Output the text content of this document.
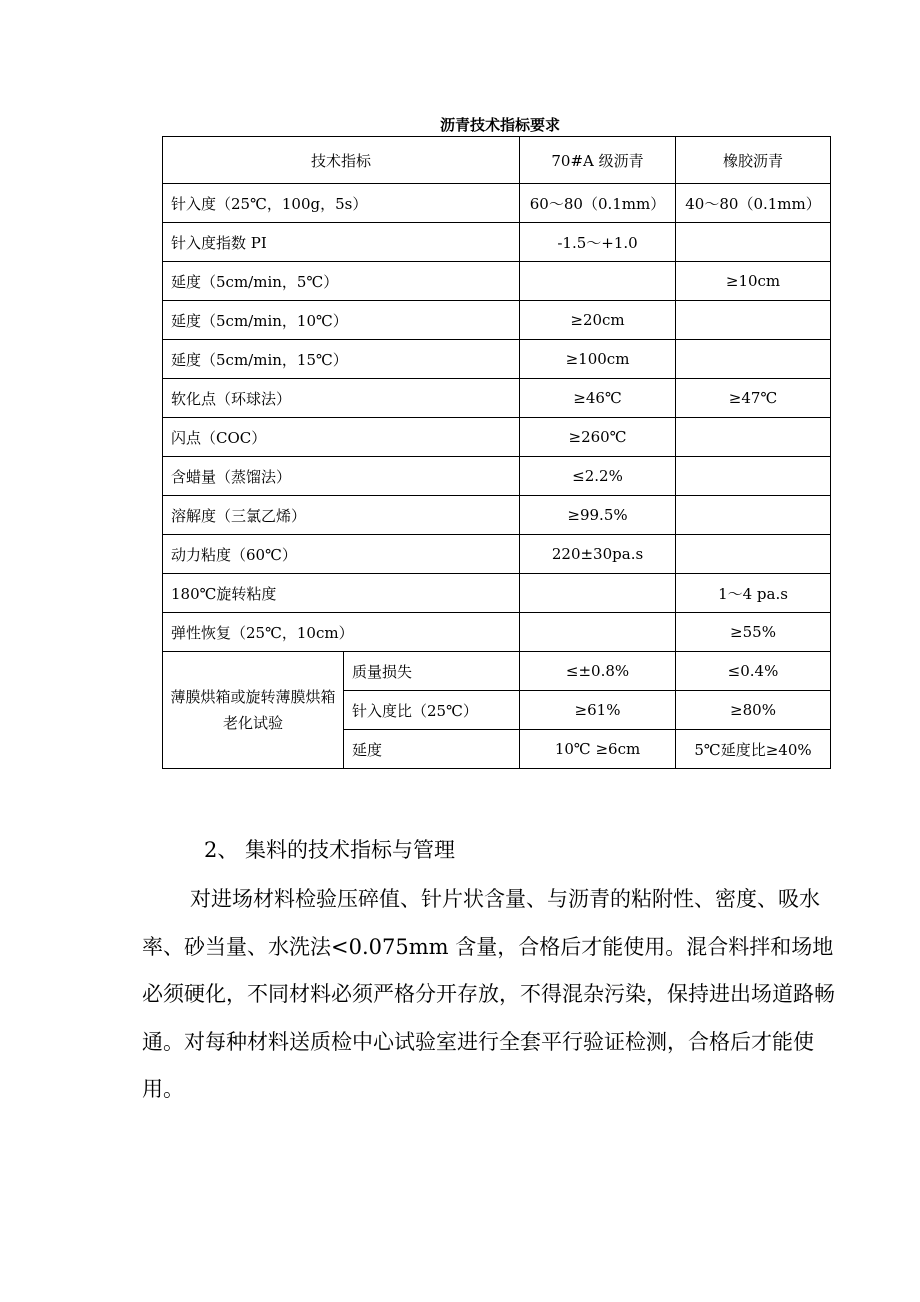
沥青技术指标要求
技术指标		70#A 级沥青	橡胶沥青
针入度（25℃，100g，5s）		60～80（0.1mm）	40～80（0.1mm）
针入度指数 PI		-1.5～+1.0	
延度（5cm/min，5℃）			≥10cm
延度（5cm/min，10℃）		≥20cm	
延度（5cm/min，15℃）		≥100cm	
软化点（环球法）		≥46℃	≥47℃
闪点（COC）		≥260℃	
含蜡量（蒸馏法）		≤2.2%	
溶解度（三氯乙烯）		≥99.5%	
动力粘度（60℃）		220±30pa.s	
180℃旋转粘度			1～4 pa.s
弹性恢复（25℃，10cm）			≥55%
薄膜烘箱或旋转薄膜烘箱老化试验	质量损失	≤±0.8%	≤0.4%
	针入度比（25℃）	≥61%	≥80%
	延度	10℃ ≥6cm	5℃延度比≥40%
2、 集料的技术指标与管理

对进场材料检验压碎值、针片状含量、与沥青的粘附性、密度、吸水率、砂当量、水洗法<0.075mm 含量，合格后才能使用。混合料拌和场地必须硬化，不同材料必须严格分开存放，不得混杂污染，保持进出场道路畅通。对每种材料送质检中心试验室进行全套平行验证检测，合格后才能使用。
